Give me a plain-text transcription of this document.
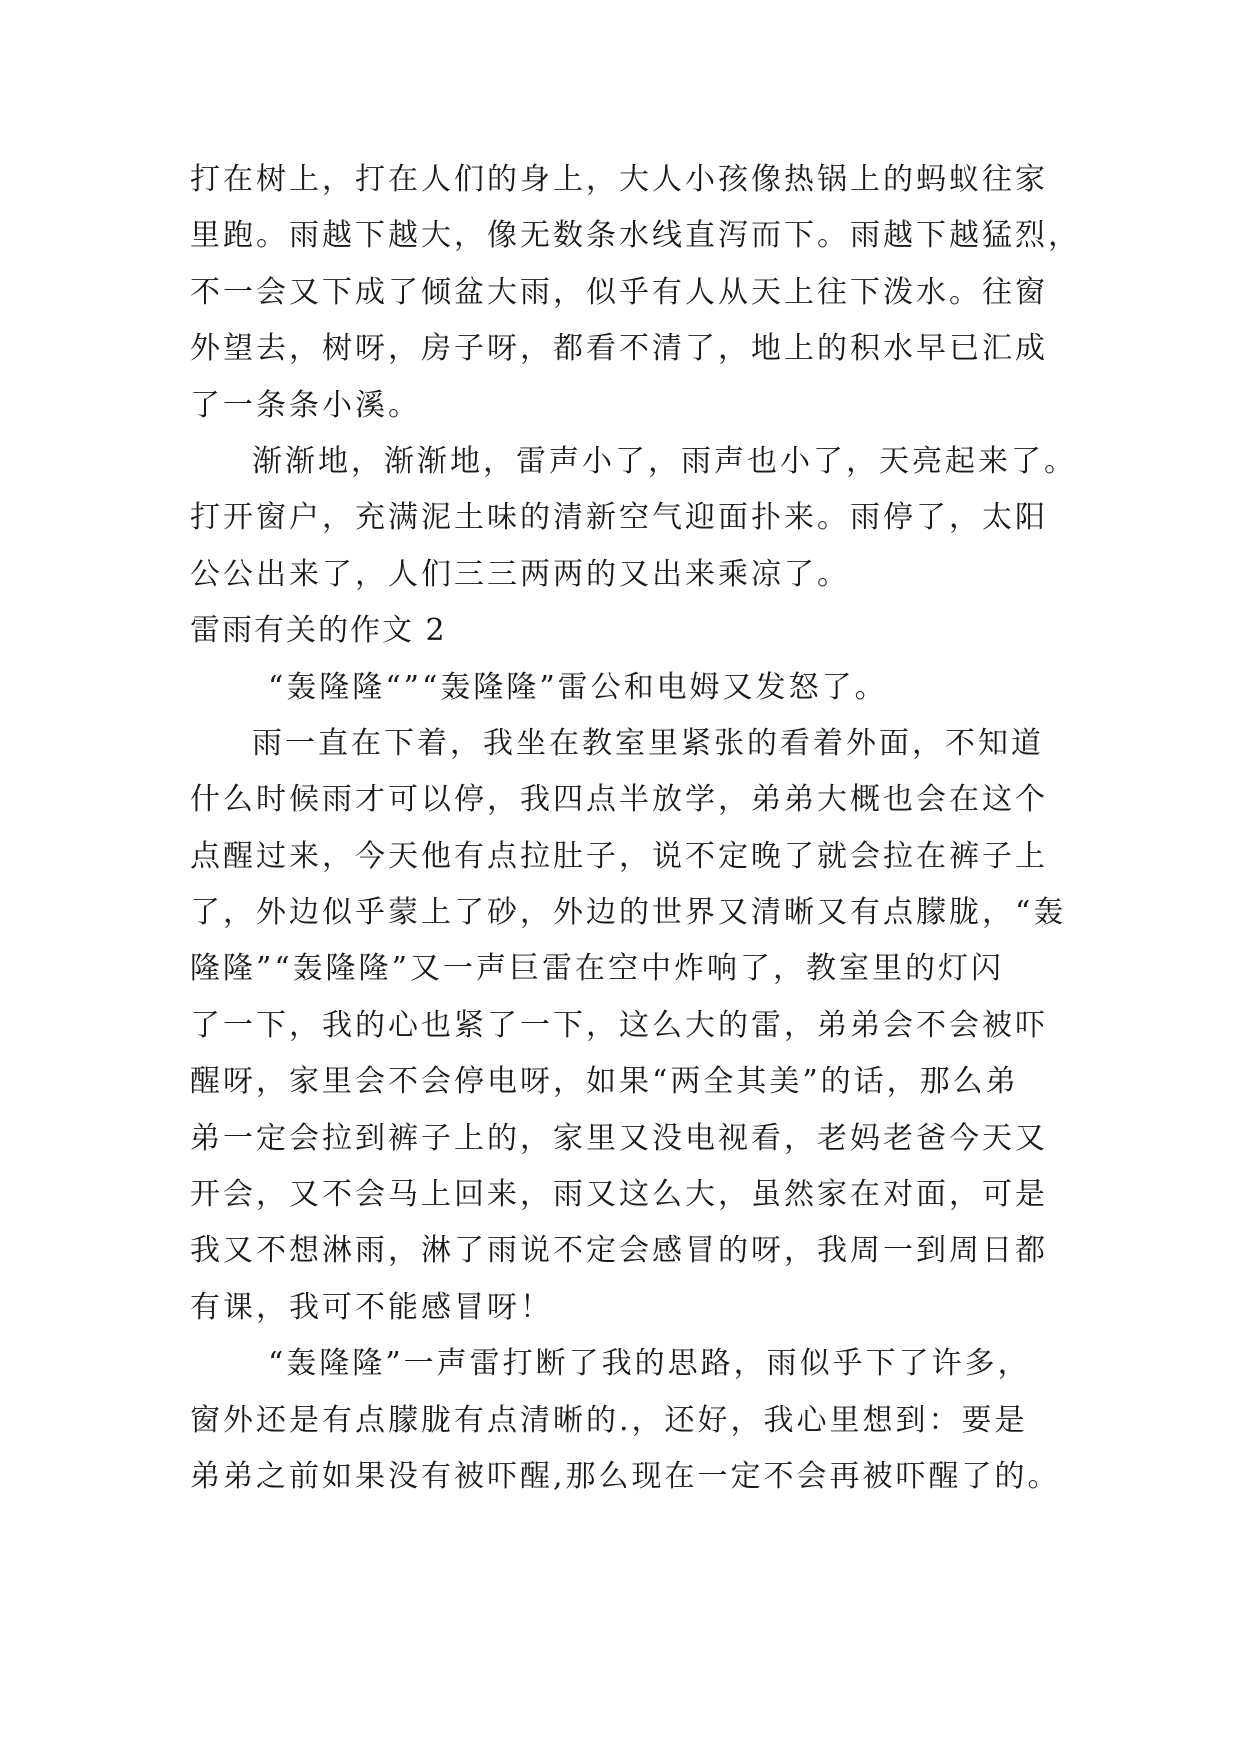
打在树上，打在人们的身上，大人小孩像热锅上的蚂蚁往家
里跑。雨越下越大，像无数条水线直泻而下。雨越下越猛烈，
不一会又下成了倾盆大雨，似乎有人从天上往下泼水。往窗
外望去，树呀，房子呀，都看不清了，地上的积水早已汇成
了一条条小溪。
渐渐地，渐渐地，雷声小了，雨声也小了，天亮起来了。
打开窗户，充满泥土味的清新空气迎面扑来。雨停了，太阳
公公出来了，人们三三两两的又出来乘凉了。
雷雨有关的作文 2
“轰隆隆“”“轰隆隆”雷公和电姆又发怒了。
雨一直在下着，我坐在教室里紧张的看着外面，不知道
什么时候雨才可以停，我四点半放学，弟弟大概也会在这个
点醒过来，今天他有点拉肚子，说不定晚了就会拉在裤子上
了，外边似乎蒙上了砂，外边的世界又清晰又有点朦胧，“轰
隆隆”“轰隆隆”又一声巨雷在空中炸响了，教室里的灯闪
了一下，我的心也紧了一下，这么大的雷，弟弟会不会被吓
醒呀，家里会不会停电呀，如果“两全其美”的话，那么弟
弟一定会拉到裤子上的，家里又没电视看，老妈老爸今天又
开会，又不会马上回来，雨又这么大，虽然家在对面，可是
我又不想淋雨，淋了雨说不定会感冒的呀，我周一到周日都
有课，我可不能感冒呀！
“轰隆隆”一声雷打断了我的思路，雨似乎下了许多，
窗外还是有点朦胧有点清晰的.，还好，我心里想到：要是
弟弟之前如果没有被吓醒,那么现在一定不会再被吓醒了的。
